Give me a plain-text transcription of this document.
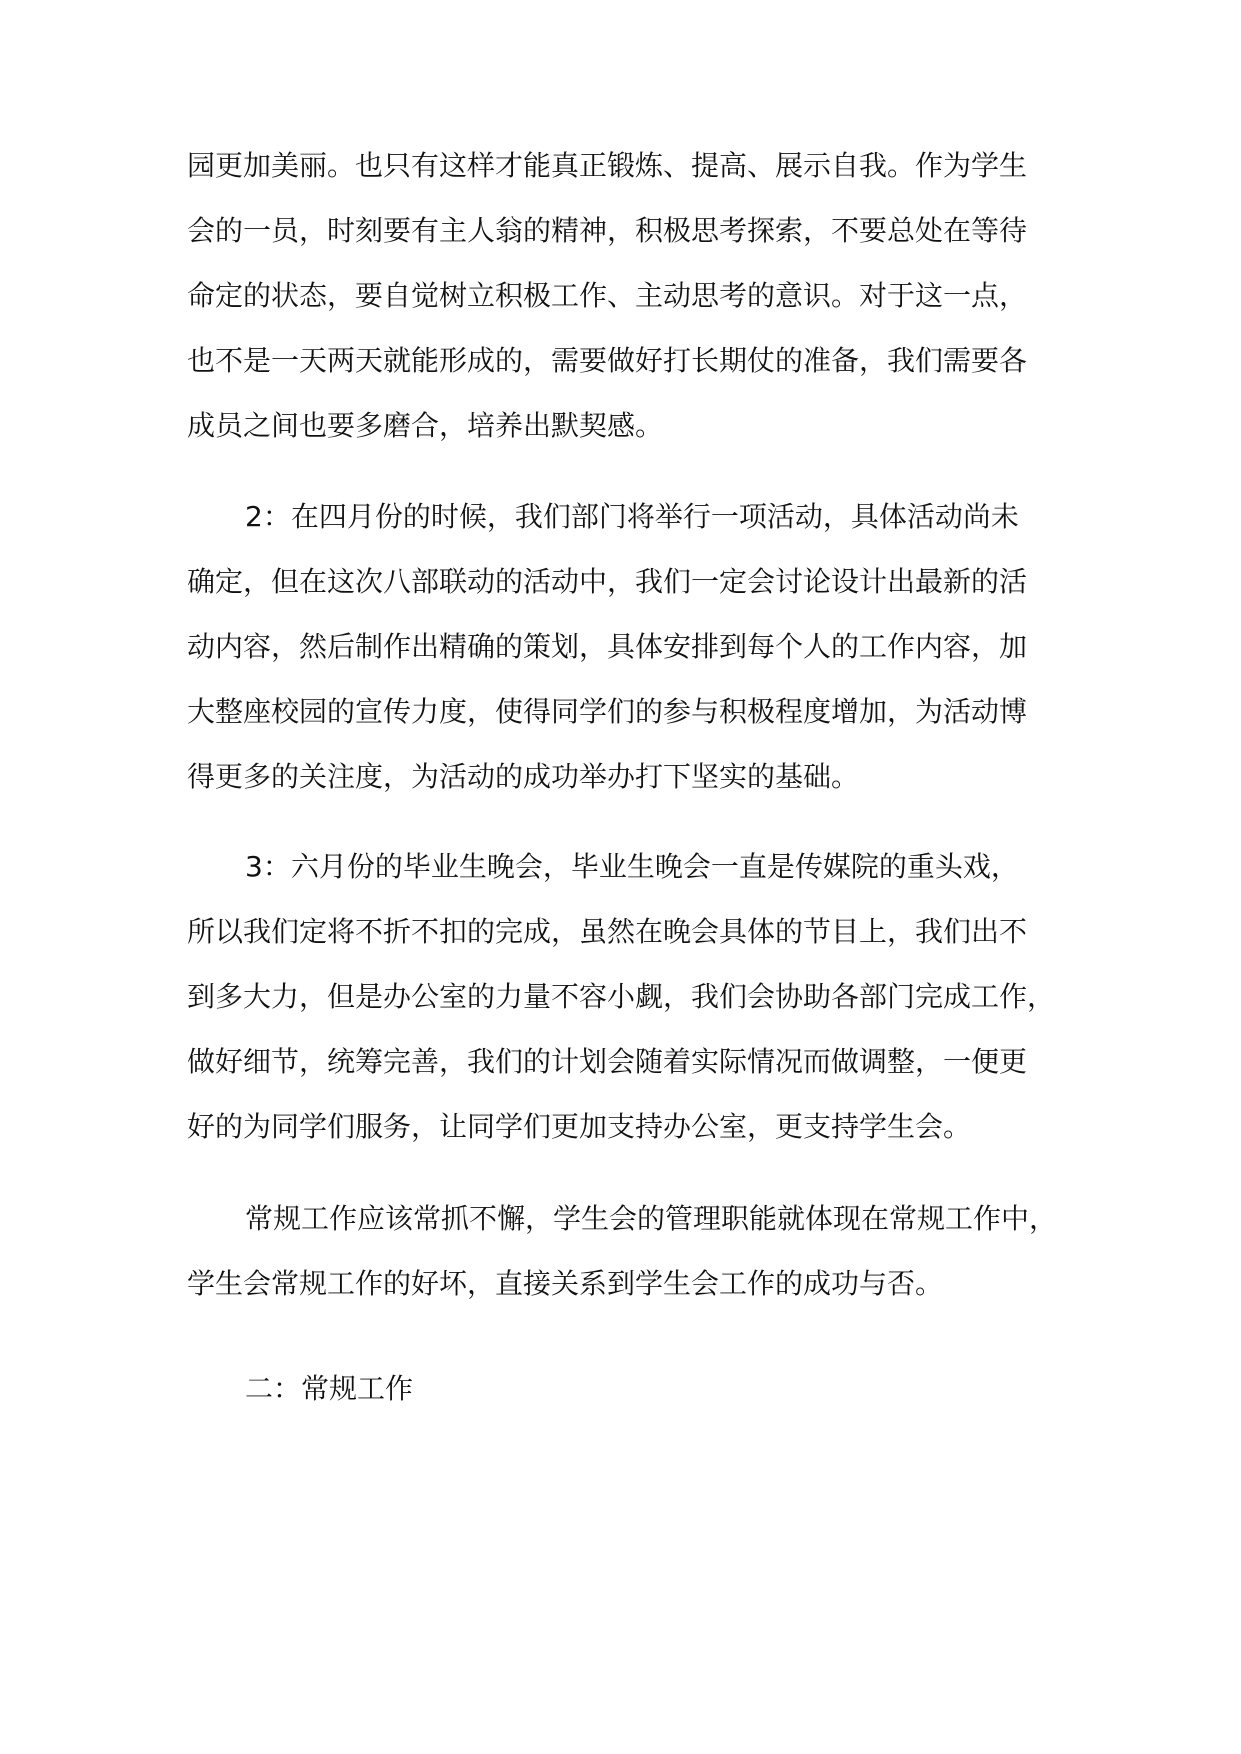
园更加美丽。也只有这样才能真正锻炼、提高、展示自我。作为学生
会的一员，时刻要有主人翁的精神，积极思考探索，不要总处在等待
命定的状态，要自觉树立积极工作、主动思考的意识。对于这一点，
也不是一天两天就能形成的，需要做好打长期仗的准备，我们需要各
成员之间也要多磨合，培养出默契感。

2：在四月份的时候，我们部门将举行一项活动，具体活动尚未
确定，但在这次八部联动的活动中，我们一定会讨论设计出最新的活
动内容，然后制作出精确的策划，具体安排到每个人的工作内容，加
大整座校园的宣传力度，使得同学们的参与积极程度增加，为活动博
得更多的关注度，为活动的成功举办打下坚实的基础。

3：六月份的毕业生晚会，毕业生晚会一直是传媒院的重头戏，
所以我们定将不折不扣的完成，虽然在晚会具体的节目上，我们出不
到多大力，但是办公室的力量不容小觑，我们会协助各部门完成工作，
做好细节，统筹完善，我们的计划会随着实际情况而做调整，一便更
好的为同学们服务，让同学们更加支持办公室，更支持学生会。

常规工作应该常抓不懈，学生会的管理职能就体现在常规工作中，
学生会常规工作的好坏，直接关系到学生会工作的成功与否。

二：常规工作
